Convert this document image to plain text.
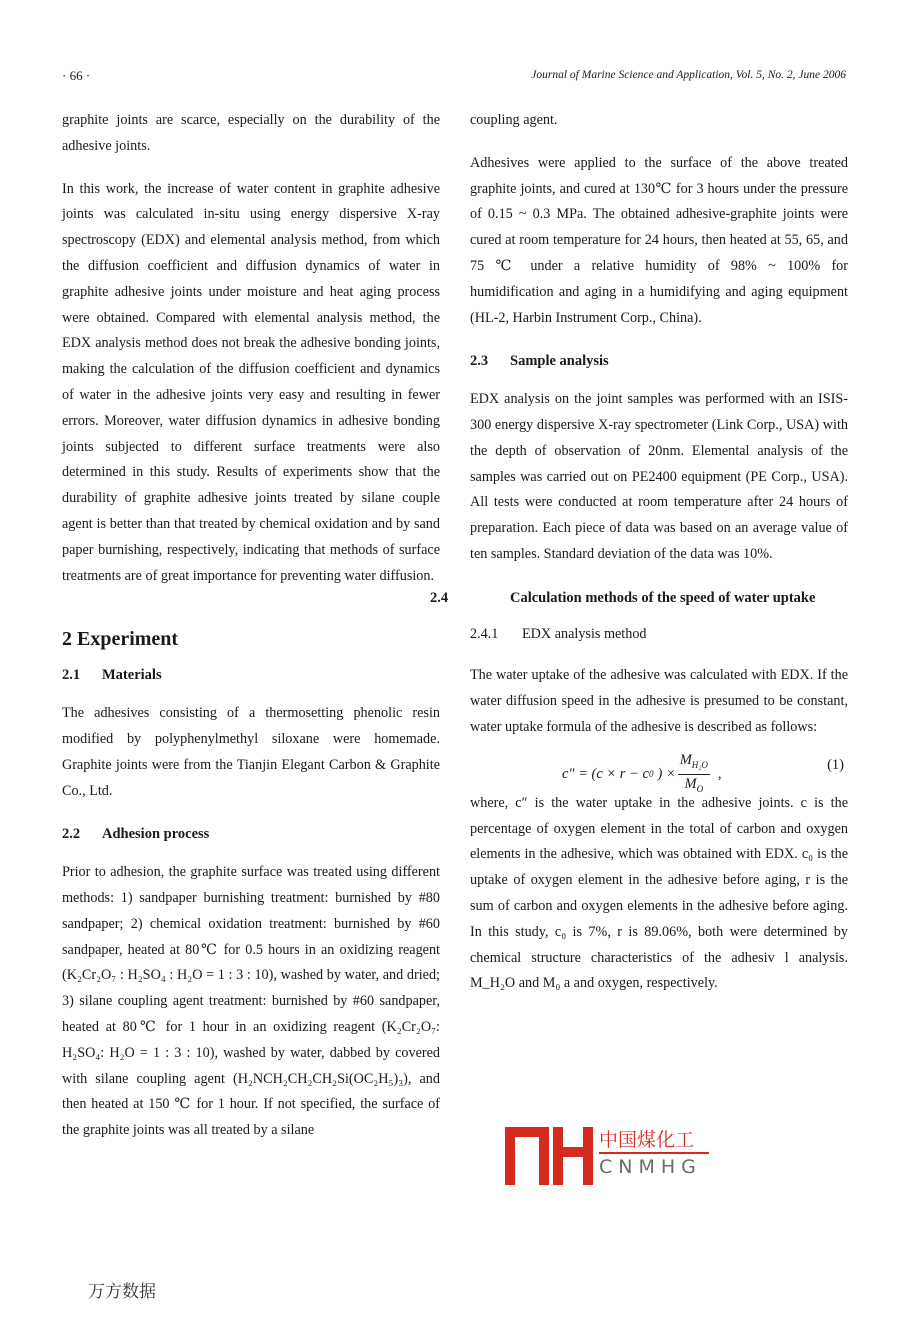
· 66 ·	Journal of Marine Science and Application, Vol. 5, No. 2, June 2006

graphite joints are scarce, especially on the durability of the adhesive joints.

In this work, the increase of water content in graphite adhesive joints was calculated in-situ using energy dispersive X-ray spectroscopy (EDX) and elemental analysis method, from which the diffusion coefficient and diffusion dynamics of water in graphite adhesive joints under moisture and heat aging process were obtained. Compared with elemental analysis method, the EDX analysis method does not break the adhesive bonding joints, making the calculation of the diffusion coefficient and dynamics of water in the adhesive joints very easy and resulting in fewer errors. Moreover, water diffusion dynamics in adhesive bonding joints subjected to different surface treatments were also determined in this study. Results of experiments show that the durability of graphite adhesive joints treated by silane couple agent is better than that treated by chemical oxidation and by sand paper burnishing, respectively, indicating that methods of surface treatments are of great importance for preventing water diffusion.

2 Experiment
2.1 Materials

The adhesives consisting of a thermosetting phenolic resin modified by polyphenylmethyl siloxane were homemade. Graphite joints were from the Tianjin Elegant Carbon & Graphite Co., Ltd.

2.2 Adhesion process

Prior to adhesion, the graphite surface was treated using different methods: 1) sandpaper burnishing treatment: burnished by #80 sandpaper; 2) chemical oxidation treatment: burnished by #60 sandpaper, heated at 80℃ for 0.5 hours in an oxidizing reagent (K₂Cr₂O₇ : H₂SO₄ : H₂O = 1 : 3 : 10), washed by water, and dried; 3) silane coupling agent treatment: burnished by #60 sandpaper, heated at 80℃ for 1 hour in an oxidizing reagent (K₂Cr₂O₇: H₂SO₄: H₂O = 1 : 3 : 10), washed by water, dabbed by covered with silane coupling agent (H₂NCH₂CH₂CH₂Si(OC₂H₅)₃), and then heated at 150 ℃ for 1 hour. If not specified, the surface of the graphite joints was all treated by a silane

coupling agent.

Adhesives were applied to the surface of the above treated graphite joints, and cured at 130℃ for 3 hours under the pressure of 0.15 ~ 0.3 MPa. The obtained adhesive-graphite joints were cured at room temperature for 24 hours, then heated at 55, 65, and 75 ℃ under a relative humidity of 98% ~ 100% for humidification and aging in a humidifying and aging equipment (HL-2, Harbin Instrument Corp., China).

2.3 Sample analysis

EDX analysis on the joint samples was performed with an ISIS-300 energy dispersive X-ray spectrometer (Link Corp., USA) with the depth of observation of 20nm. Elemental analysis of the samples was carried out on PE2400 equipment (PE Corp., USA). All tests were conducted at room temperature after 24 hours of preparation. Each piece of data was based on an average value of ten samples. Standard deviation of the data was 10%.

2.4	Calculation methods of the speed of water uptake
2.4.1 EDX analysis method

The water uptake of the adhesive was calculated with EDX. If the water diffusion speed in the adhesive is presumed to be constant, water uptake formula of the adhesive is described as follows:

c″ = (c × r − c 0 ) × $\frac{M_{H_2O}}{M_O}$ ,
(1)

where, c″ is the water uptake in the adhesive joints. c is the percentage of oxygen element in the total of carbon and oxygen elements in the adhesive, which was obtained with EDX. c₀ is the uptake of oxygen element in the adhesive before aging, r is the sum of carbon and oxygen elements in the adhesive before aging. In this study, c₀ is 7%, r is 89.06%, both were determined by chemical structure characteristics of the adhesiv l analysis. M_H₂O and M₀ a and oxygen, respectively.

中国煤化工
CNMHG
万方数据
